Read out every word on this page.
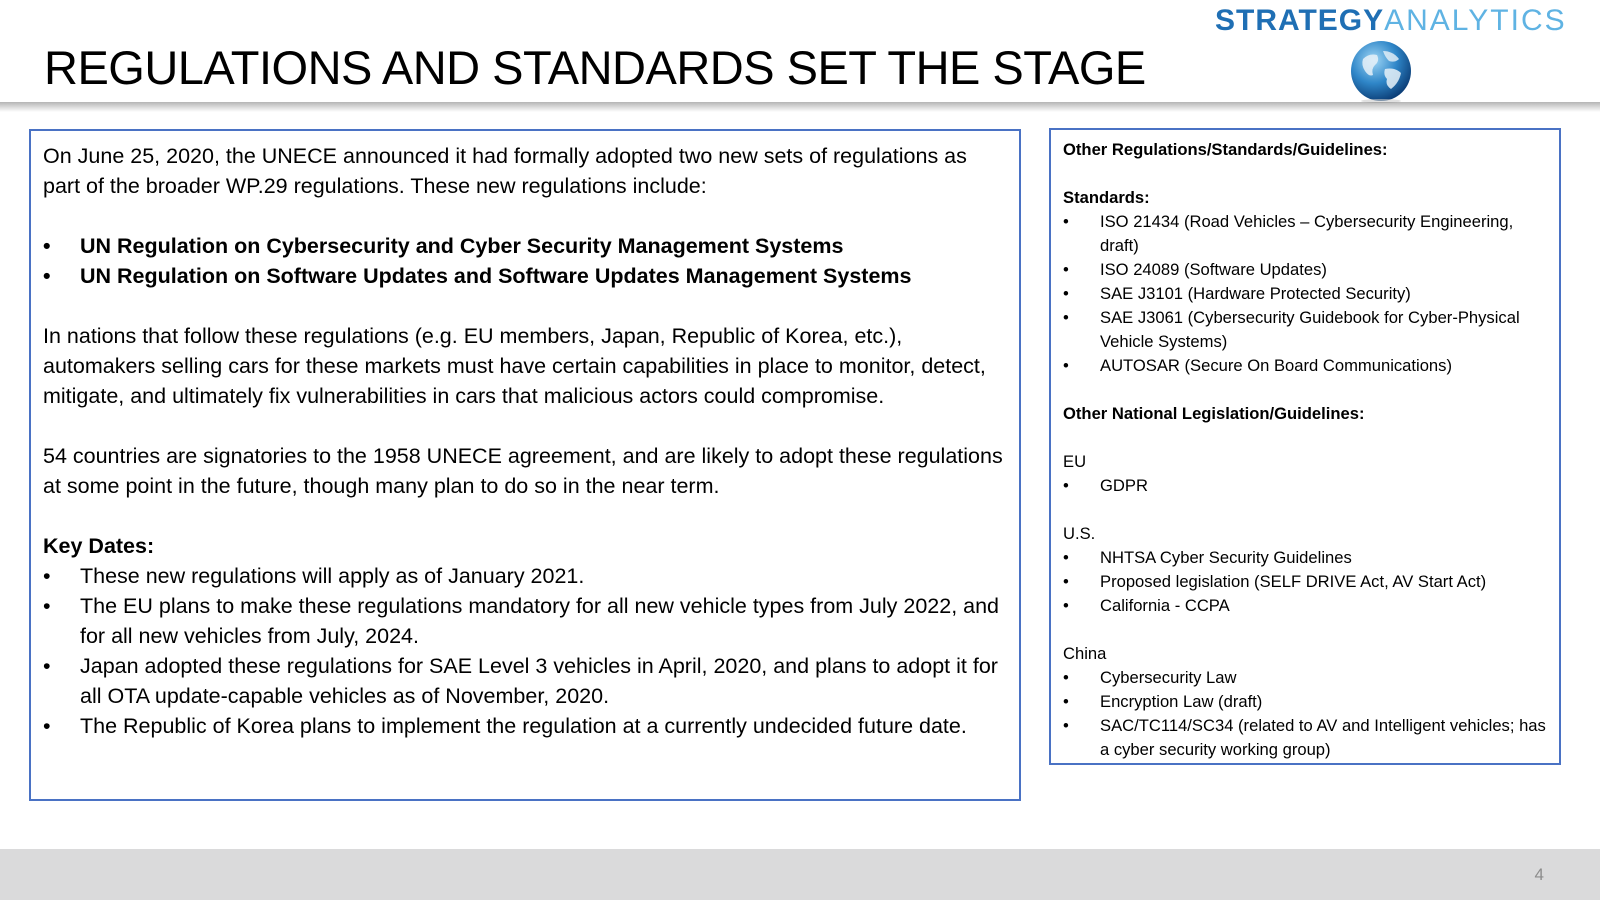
REGULATIONS AND STANDARDS SET THE STAGE
STRATEGYANALYTICS

On June 25, 2020, the UNECE announced it had formally adopted two new sets of regulations as part of the broader WP.29 regulations. These new regulations include:

• UN Regulation on Cybersecurity and Cyber Security Management Systems
• UN Regulation on Software Updates and Software Updates Management Systems

In nations that follow these regulations (e.g. EU members, Japan, Republic of Korea, etc.), automakers selling cars for these markets must have certain capabilities in place to monitor, detect, mitigate, and ultimately fix vulnerabilities in cars that malicious actors could compromise.

54 countries are signatories to the 1958 UNECE agreement, and are likely to adopt these regulations at some point in the future, though many plan to do so in the near term.

Key Dates:

• These new regulations will apply as of January 2021.
• The EU plans to make these regulations mandatory for all new vehicle types from July 2022, and for all new vehicles from July, 2024.
• Japan adopted these regulations for SAE Level 3 vehicles in April, 2020, and plans to adopt it for all OTA update-capable vehicles as of November, 2020.
• The Republic of Korea plans to implement the regulation at a currently undecided future date.

Other Regulations/Standards/Guidelines:

Standards:

• ISO 21434 (Road Vehicles – Cybersecurity Engineering, draft)
• ISO 24089 (Software Updates)
• SAE J3101 (Hardware Protected Security)
• SAE J3061 (Cybersecurity Guidebook for Cyber-Physical Vehicle Systems)
• AUTOSAR (Secure On Board Communications)

Other National Legislation/Guidelines:

EU

• GDPR

U.S.

• NHTSA Cyber Security Guidelines
• Proposed legislation (SELF DRIVE Act, AV Start Act)
• California - CCPA

China

• Cybersecurity Law
• Encryption Law (draft)
• SAC/TC114/SC34 (related to AV and Intelligent vehicles; has a cyber security working group)
4
